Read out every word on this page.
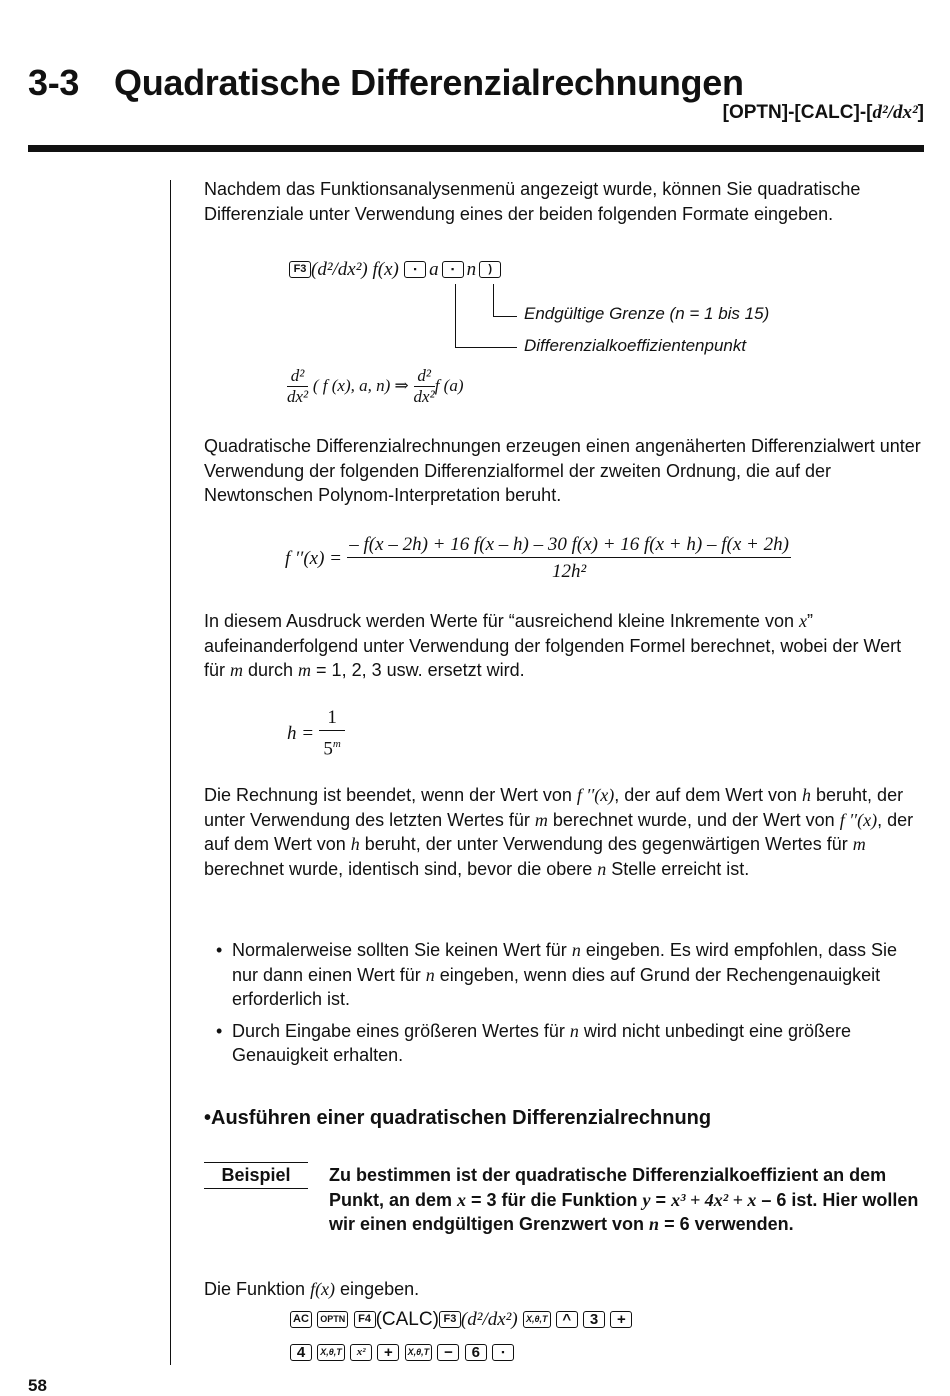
3-3 Quadratische Differenzialrechnungen
[OPTN]-[CALC]-[d²/dx²]
Nachdem das Funktionsanalysenmenü angezeigt wurde, können Sie quadratische Differenziale unter Verwendung eines der beiden folgenden Formate eingeben.
F3 (d²/dx²) f(x) ▪ a ▪ n )
Endgültige Grenze (n = 1 bis 15)
Differenzialkoeffizientenpunkt
$\frac{\text{d²}}{\text{dx²}}$ ( f (x), a, n) ⇒ $\frac{\text{d²}}{\text{dx²}}$ f (a)
Quadratische Differenzialrechnungen erzeugen einen angenäherten Differenzialwert unter Verwendung der folgenden Differenzialformel der zweiten Ordnung, die auf der Newtonschen Polynom-Interpretation beruht.
f ′′(x) =
– f(x – 2h) + 16 f(x – h) – 30 f(x) + 16 f(x + h) – f(x + 2h)
12h²
In diesem Ausdruck werden Werte für “ausreichend kleine Inkremente von x” aufeinanderfolgend unter Verwendung der folgenden Formel berechnet, wobei der Wert für m durch m = 1, 2, 3 usw. ersetzt wird.
$h = \frac{1}{5^m}$
Die Rechnung ist beendet, wenn der Wert von f ′′(x), der auf dem Wert von h beruht, der unter Verwendung des letzten Wertes für m berechnet wurde, und der Wert von f ′′(x), der auf dem Wert von h beruht, der unter Verwendung des gegenwärtigen Wertes für m berechnet wurde, identisch sind, bevor die obere n Stelle erreicht ist.
• Normalerweise sollten Sie keinen Wert für n eingeben. Es wird empfohlen, dass Sie nur dann einen Wert für n eingeben, wenn dies auf Grund der Rechengenauigkeit erforderlich ist.
• Durch Eingabe eines größeren Wertes für n wird nicht unbedingt eine größere Genauigkeit erhalten.
•Ausführen einer quadratischen Differenzialrechnung
Beispiel	Zu bestimmen ist der quadratische Differenzialkoeffizient an dem Punkt, an dem x = 3 für die Funktion y = x³ + 4x² + x – 6 ist. Hier wollen wir einen endgültigen Grenzwert von n = 6 verwenden.
Die Funktion f(x) eingeben.
AC OPTN F4 (CALC) F3 (d²/dx²) X,θ,T ^ 3 +
4 X,θ,T x² + X,θ,T − 6 ▪
58
